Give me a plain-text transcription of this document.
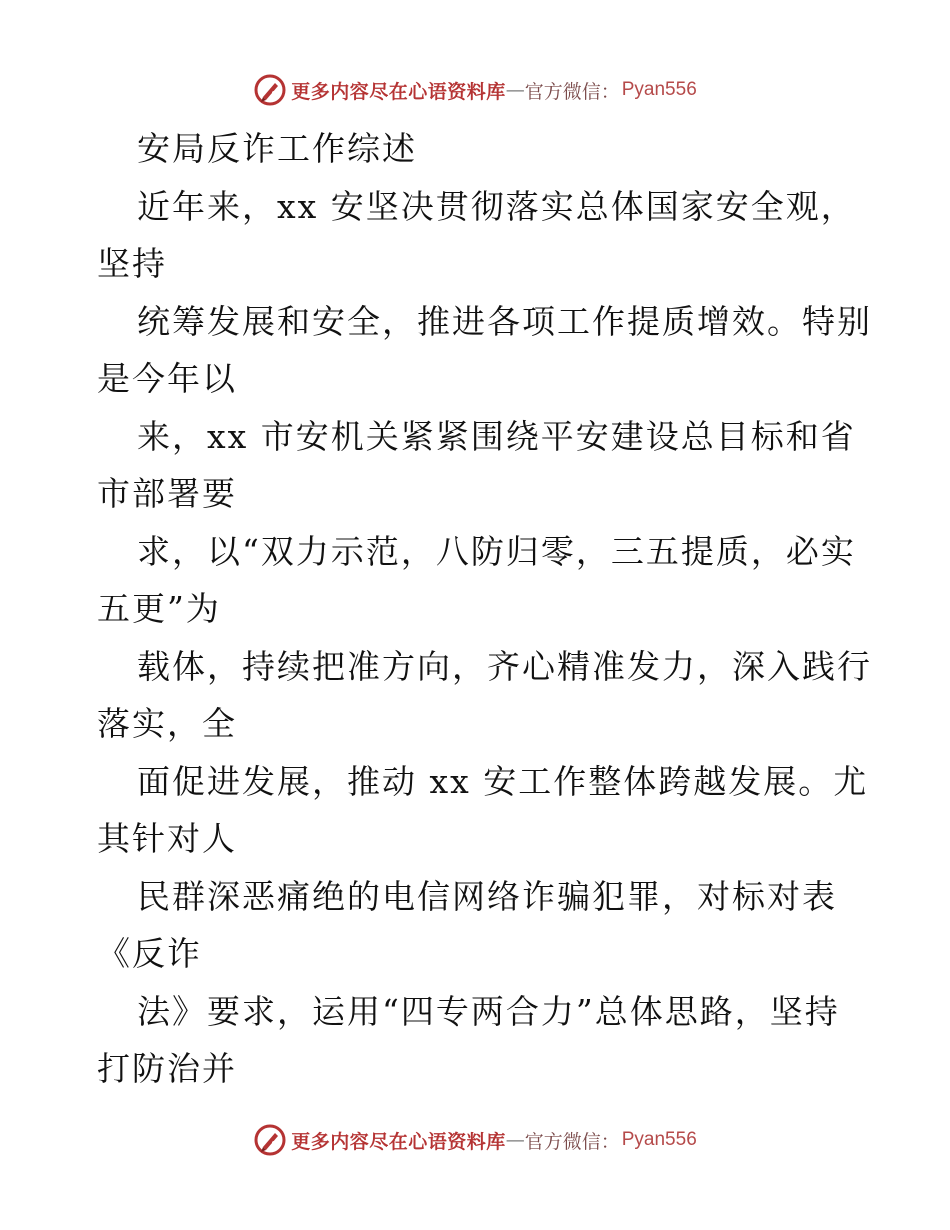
更多内容尽在心语资料库 — 官方微信： Pyan556
安局反诈工作综述
近年来，xx 安坚决贯彻落实总体国家安全观，
坚持
统筹发展和安全，推进各项工作提质增效。特别
是今年以
来，xx 市安机关紧紧围绕平安建设总目标和省
市部署要
求，以“双力示范，八防归零，三五提质，必实
五更”为
载体，持续把准方向，齐心精准发力，深入践行
落实，全
面促进发展，推动 xx 安工作整体跨越发展。尤
其针对人
民群深恶痛绝的电信网络诈骗犯罪，对标对表
《反诈
法》要求，运用“四专两合力”总体思路，坚持
打防治并
更多内容尽在心语资料库 — 官方微信： Pyan556
